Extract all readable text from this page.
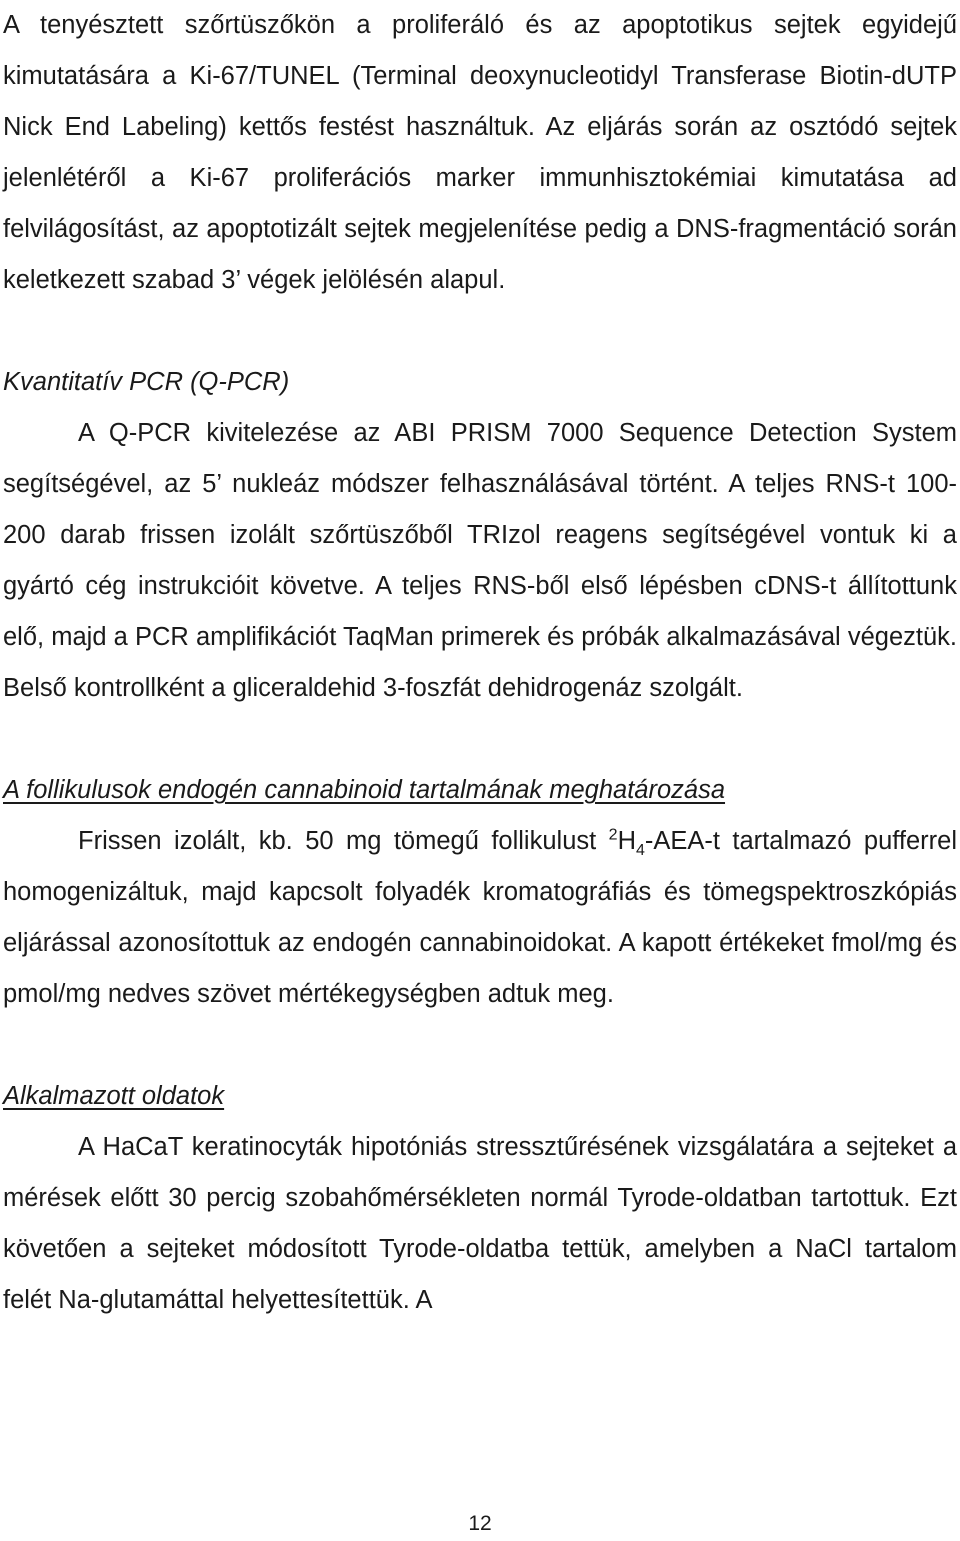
A tenyésztett szőrtüszőkön a proliferáló és az apoptotikus sejtek egyidejű kimutatására a Ki-67/TUNEL (Terminal deoxynucleotidyl Transferase Biotin-dUTP Nick End Labeling) kettős festést használtuk. Az eljárás során az osztódó sejtek jelenlétéről a Ki-67 proliferációs marker immunhisztokémiai kimutatása ad felvilágosítást, az apoptotizált sejtek megjelenítése pedig a DNS-fragmentáció során keletkezett szabad 3’ végek jelölésén alapul.

Kvantitatív PCR (Q-PCR)

A Q-PCR kivitelezése az ABI PRISM 7000 Sequence Detection System segítségével, az 5’ nukleáz módszer felhasználásával történt. A teljes RNS-t 100-200 darab frissen izolált szőrtüszőből TRIzol reagens segítségével vontuk ki a gyártó cég instrukcióit követve. A teljes RNS-ből első lépésben cDNS-t állítottunk elő, majd a PCR amplifikációt TaqMan primerek és próbák alkalmazásával végeztük. Belső kontrollként a gliceraldehid 3-foszfát dehidrogenáz szolgált.

A follikulusok endogén cannabinoid tartalmának meghatározása

Frissen izolált, kb. 50 mg tömegű follikulust $^2H_4-AEA-t$ tartalmazó pufferrel homogenizáltuk, majd kapcsolt folyadék kromatográfiás és tömegspektroszkópiás eljárással azonosítottuk az endogén cannabinoidokat. A kapott értékeket fmol/mg és pmol/mg nedves szövet mértékegységben adtuk meg.

Alkalmazott oldatok

A HaCaT keratinocyták hipotóniás stressztűrésének vizsgálatára a sejteket a mérések előtt 30 percig szobahőmérsékleten normál Tyrode-oldatban tartottuk. Ezt követően a sejteket módosított Tyrode-oldatba tettük, amelyben a NaCl tartalom felét Na-glutamáttal helyettesítettük. A

12
